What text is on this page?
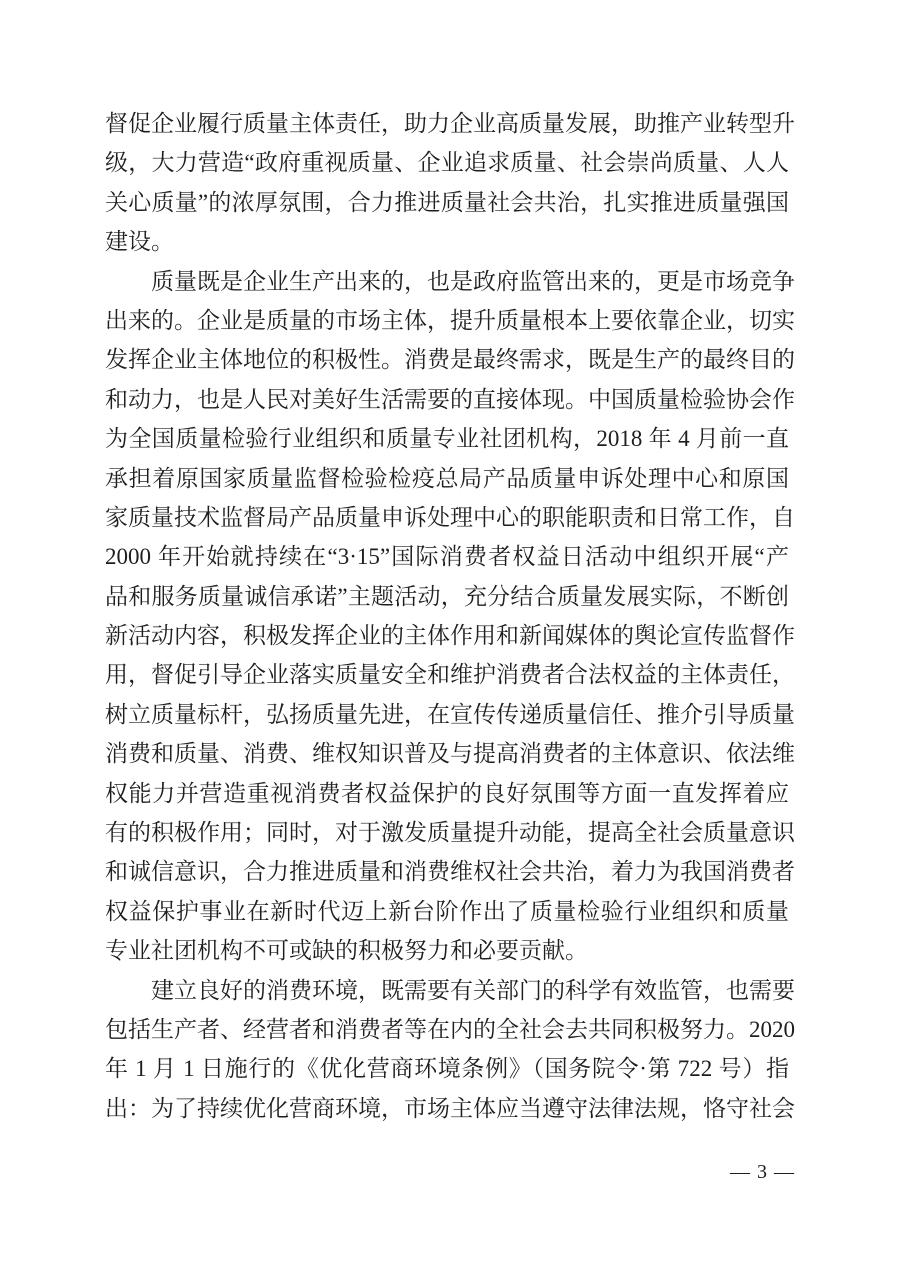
督促企业履行质量主体责任，助力企业高质量发展，助推产业转型升
级，大力营造“政府重视质量、企业追求质量、社会崇尚质量、人人
关心质量”的浓厚氛围，合力推进质量社会共治，扎实推进质量强国
建设。
质量既是企业生产出来的，也是政府监管出来的，更是市场竞争
出来的。企业是质量的市场主体，提升质量根本上要依靠企业，切实
发挥企业主体地位的积极性。消费是最终需求，既是生产的最终目的
和动力，也是人民对美好生活需要的直接体现。中国质量检验协会作
为全国质量检验行业组织和质量专业社团机构，2018 年 4 月前一直
承担着原国家质量监督检验检疫总局产品质量申诉处理中心和原国
家质量技术监督局产品质量申诉处理中心的职能职责和日常工作，自
2000 年开始就持续在“3·15”国际消费者权益日活动中组织开展“产
品和服务质量诚信承诺”主题活动，充分结合质量发展实际，不断创
新活动内容，积极发挥企业的主体作用和新闻媒体的舆论宣传监督作
用，督促引导企业落实质量安全和维护消费者合法权益的主体责任，
树立质量标杆，弘扬质量先进，在宣传传递质量信任、推介引导质量
消费和质量、消费、维权知识普及与提高消费者的主体意识、依法维
权能力并营造重视消费者权益保护的良好氛围等方面一直发挥着应
有的积极作用；同时，对于激发质量提升动能，提高全社会质量意识
和诚信意识，合力推进质量和消费维权社会共治，着力为我国消费者
权益保护事业在新时代迈上新台阶作出了质量检验行业组织和质量
专业社团机构不可或缺的积极努力和必要贡献。
建立良好的消费环境，既需要有关部门的科学有效监管，也需要
包括生产者、经营者和消费者等在内的全社会去共同积极努力。2020
年 1 月 1 日施行的《优化营商环境条例》（国务院令·第 722 号）指
出：为了持续优化营商环境，市场主体应当遵守法律法规，恪守社会
— 3 —
